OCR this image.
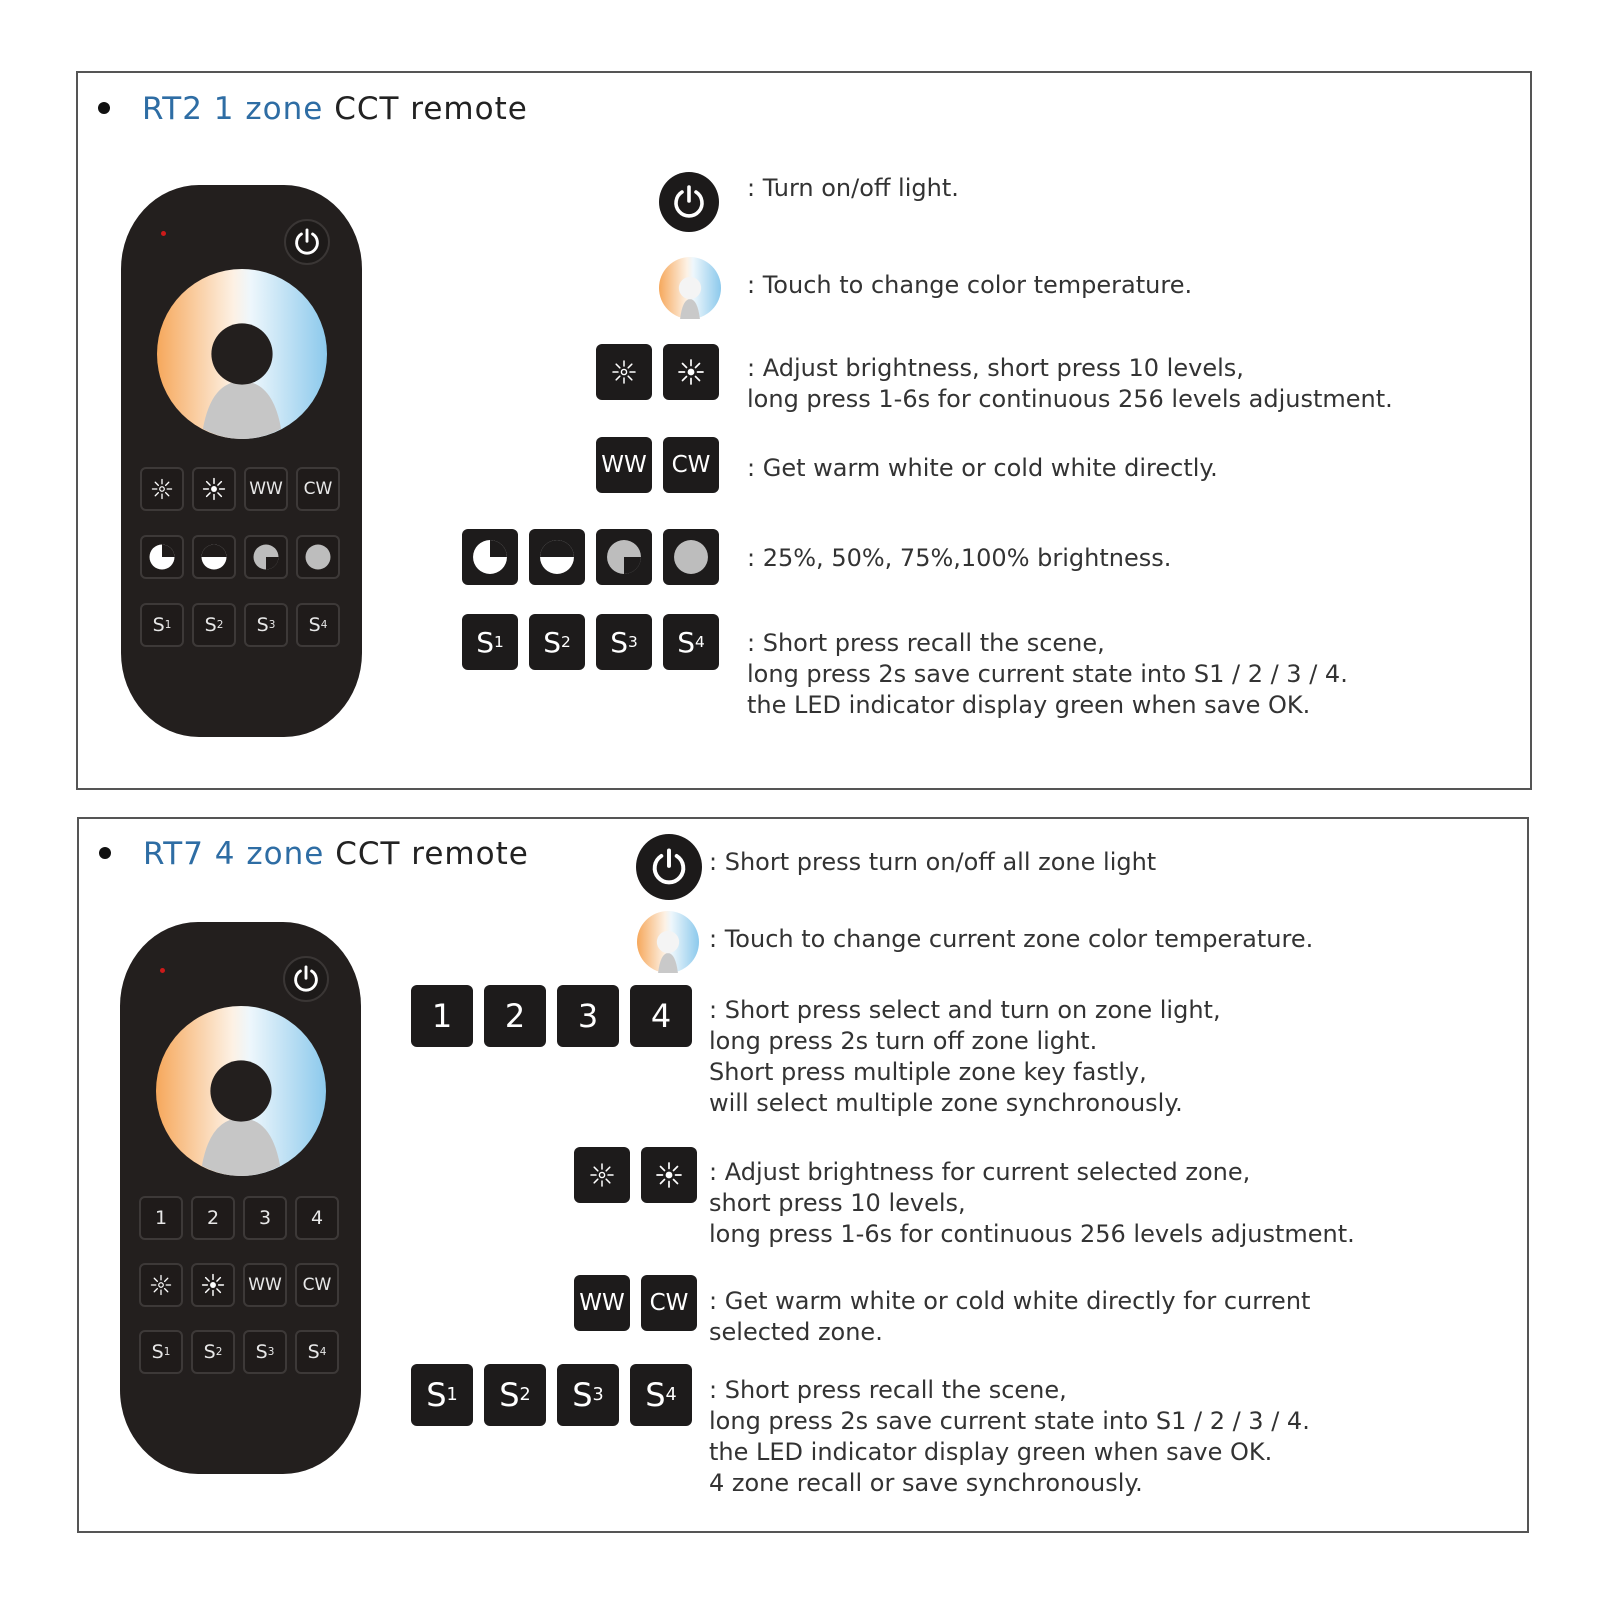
RT2 1 zone CCT remote
WW	CW
S 1 S 2 S 3 S 4
WW	CW
S 1 S 2 S 3 S 4
: Turn on/off light.
: Touch to change color temperature.
: Adjust brightness, short press 10 levels,
long press 1-6s for continuous 256 levels adjustment.
: Get warm white or cold white directly.
: 25%, 50%, 75%,100% brightness.
: Short press recall the scene,
long press 2s save current state into S1 / 2 / 3 / 4.
the LED indicator display green when save OK.
RT7 4 zone CCT remote
1	2	3	4
WW	CW
S 1 S 2 S 3 S 4
1	2	3	4
WW	CW
S 1 S 2 S 3 S 4
: Short press turn on/off all zone light
: Touch to change current zone color temperature.
: Short press select and turn on zone light,
long press 2s turn off zone light.
Short press multiple zone key fastly,
will select multiple zone synchronously.
: Adjust brightness for current selected zone,
short press 10 levels,
long press 1-6s for continuous 256 levels adjustment.
: Get warm white or cold white directly for current
selected zone.
: Short press recall the scene,
long press 2s save current state into S1 / 2 / 3 / 4.
the LED indicator display green when save OK.
4 zone recall or save synchronously.
